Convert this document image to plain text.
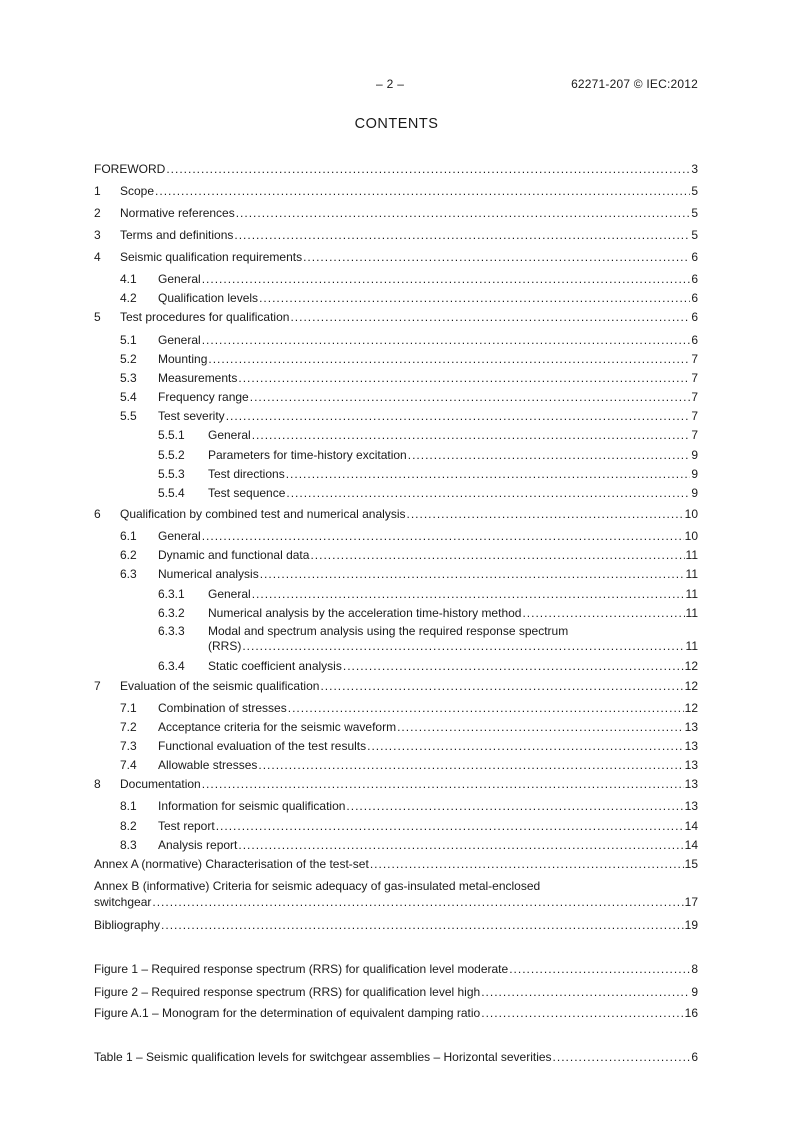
– 2 –	62271-207 © IEC:2012
CONTENTS
FOREWORD .....	3
1	Scope .....	5
2	Normative references .....	5
3	Terms and definitions .....	5
4	Seismic qualification requirements .....	6
4.1	General .....	6
4.2	Qualification levels .....	6
5	Test procedures for qualification .....	6
5.1	General .....	6
5.2	Mounting .....	7
5.3	Measurements .....	7
5.4	Frequency range .....	7
5.5	Test severity .....	7
5.5.1	General .....	7
5.5.2	Parameters for time-history excitation .....	9
5.5.3	Test directions .....	9
5.5.4	Test sequence .....	9
6	Qualification by combined test and numerical analysis .....	10
6.1	General .....	10
6.2	Dynamic and functional data .....	11
6.3	Numerical analysis .....	11
6.3.1	General .....	11
6.3.2	Numerical analysis by the acceleration time-history method .....	11
6.3.3 Modal and spectrum analysis using the required response spectrum
(RRS) .....	11
6.3.4	Static coefficient analysis .....	12
7	Evaluation of the seismic qualification .....	12
7.1	Combination of stresses .....	12
7.2	Acceptance criteria for the seismic waveform .....	13
7.3	Functional evaluation of the test results .....	13
7.4	Allowable stresses .....	13
8	Documentation .....	13
8.1	Information for seismic qualification .....	13
8.2	Test report .....	14
8.3	Analysis report .....	14
Annex A (normative) Characterisation of the test-set .....	15
Annex B (informative) Criteria for seismic adequacy of gas-insulated metal-enclosed
switchgear .....	17
Bibliography .....	19
Figure 1 – Required response spectrum (RRS) for qualification level moderate .....	8
Figure 2 – Required response spectrum (RRS) for qualification level high .....	9
Figure A.1 – Monogram for the determination of equivalent damping ratio .....	16
Table 1 – Seismic qualification levels for switchgear assemblies – Horizontal severities .....	6
